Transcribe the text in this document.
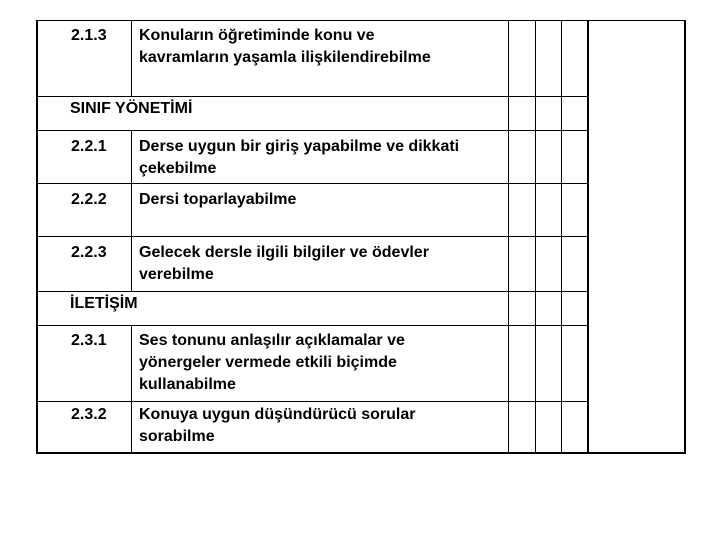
2.1.3 Konuların öğretiminde konu ve
kavramların yaşamla ilişkilendirebilme
SINIF YÖNETİMİ
2.2.1 Derse uygun bir giriş yapabilme ve dikkati
çekebilme
2.2.2 Dersi toparlayabilme
2.2.3 Gelecek dersle ilgili bilgiler ve ödevler
verebilme
İLETİŞİM
2.3.1 Ses tonunu anlaşılır açıklamalar ve
yönergeler vermede etkili biçimde
kullanabilme
2.3.2 Konuya uygun düşündürücü sorular
sorabilme
